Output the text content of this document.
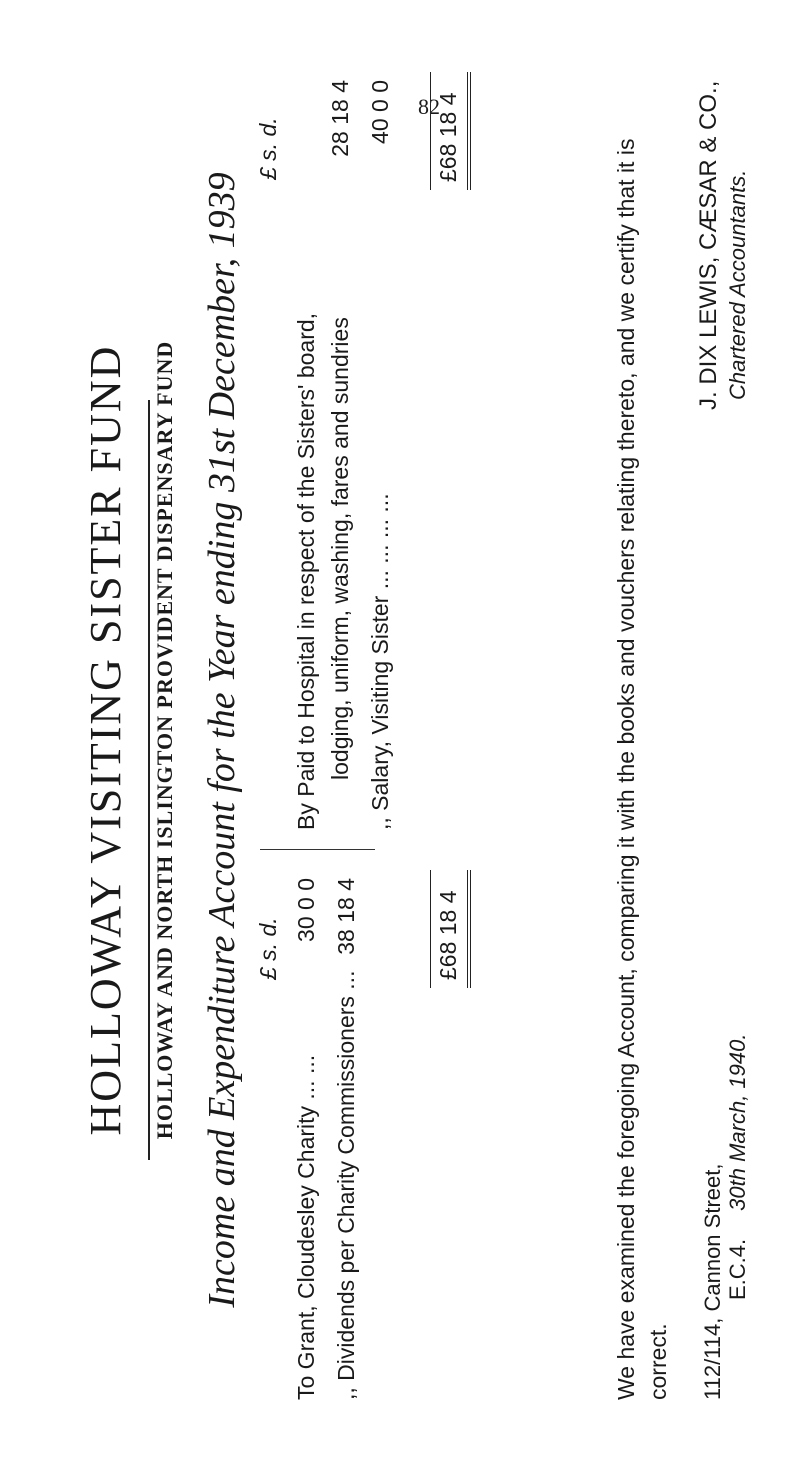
82
HOLLOWAY VISITING SISTER FUND HOLLOWAY AND NORTH ISLINGTON PROVIDENT DISPENSARY FUND Income and Expenditure Account for the Year ending 31st December, 1939 £ s. d.
To Grant, Cloudesley Charity ... ...
30 0 0
,, Dividends per Charity Commissioners ...
38 18 4	£68 18 4
£ s. d.
By Paid to Hospital in respect of the Sisters' board, lodging, uniform, washing, fares and sundries
28 18 4
,, Salary, Visiting Sister ... ... ... ...
40 0 0 £68 18 4
We have examined the foregoing Account, comparing it with the books and vouchers relating thereto, and we certify that it is correct. 112/114, Cannon Street, E.C.4.30th March, 1940.
J. DIX LEWIS, CÆSAR & CO., Chartered Accountants.
